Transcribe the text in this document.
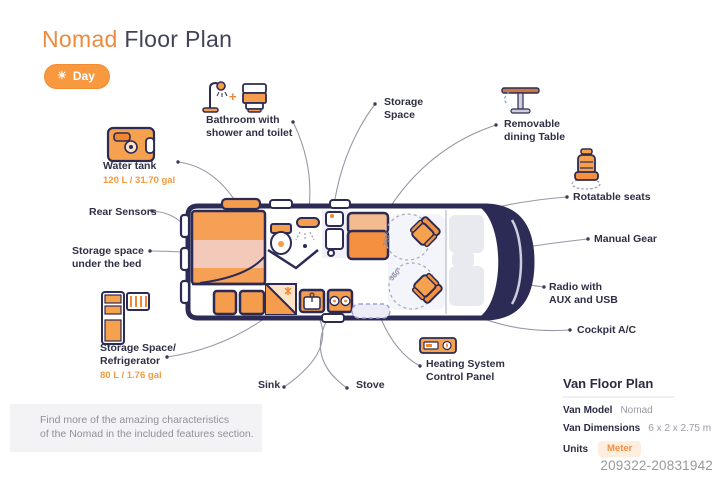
360°
360°
Nomad Floor Plan
☀ Day
+
Bathroom with
shower and toilet
Water tank
120 L / 31.70 gal
Rear Sensors
Storage space
under the bed
Storage Space/
Refrigerator
80 L / 1.76 gal
Sink	Stove
Storage
Space
Removable
dining Table
Rotatable seats
Manual Gear
Radio with
AUX and USB
Cockpit A/C
Heating System
Control Panel	Van Floor Plan
Van Model Nomad
Van Dimensions 6 x 2 x 2.75 m
Units	Meter
Find more of the amazing characteristics
of the Nomad in the included features section.
209322-20831942
